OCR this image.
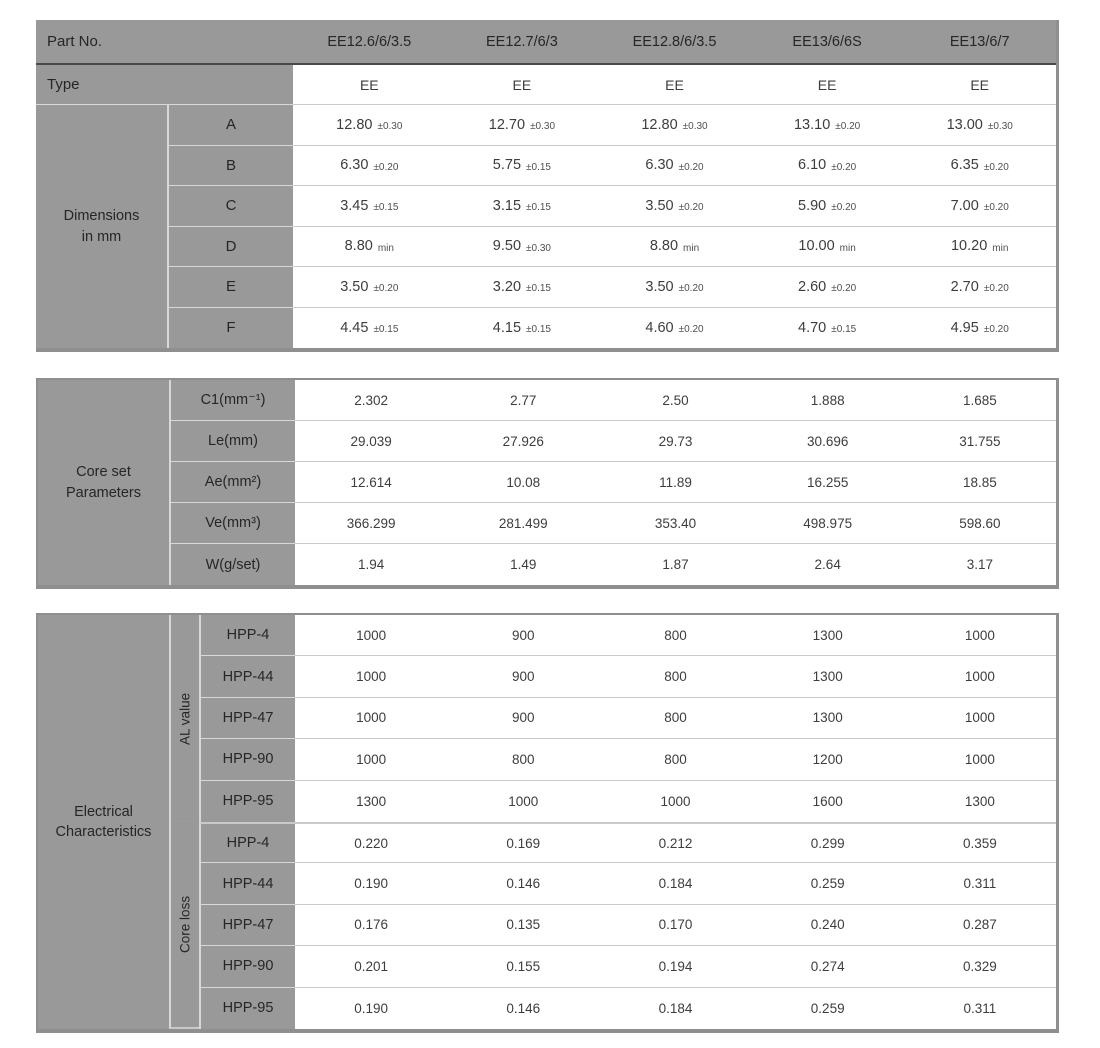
Part No.	EE12.6/6/3.5	EE12.7/6/3	EE12.8/6/3.5	EE13/6/6S	EE13/6/7
Type	EE	EE	EE	EE	EE
Dimensions
in mm
A	12.80 ±0.30	12.70 ±0.30	12.80 ±0.30	13.10 ±0.20	13.00 ±0.30
B	6.30 ±0.20	5.75 ±0.15	6.30 ±0.20	6.10 ±0.20	6.35 ±0.20
C	3.45 ±0.15	3.15 ±0.15	3.50 ±0.20	5.90 ±0.20	7.00 ±0.20
D	8.80 min	9.50 ±0.30	8.80 min	10.00 min	10.20 min
E	3.50 ±0.20	3.20 ±0.15	3.50 ±0.20	2.60 ±0.20	2.70 ±0.20
F	4.45 ±0.15	4.15 ±0.15	4.60 ±0.20	4.70 ±0.15	4.95 ±0.20
Core set
Parameters
C1(mm⁻¹)	2.302	2.77	2.50	1.888	1.685
Le(mm)	29.039	27.926	29.73	30.696	31.755
Ae(mm²)	12.614	10.08	11.89	16.255	18.85
Ve(mm³)	366.299	281.499	353.40	498.975	598.60
W(g/set)	1.94	1.49	1.87	2.64	3.17
Electrical
Characteristics
AL value
HPP-4	1000	900	800	1300	1000
HPP-44	1000	900	800	1300	1000
HPP-47	1000	900	800	1300	1000
HPP-90	1000	800	800	1200	1000
HPP-95	1300	1000	1000	1600	1300
Core loss
HPP-4	0.220	0.169	0.212	0.299	0.359
HPP-44	0.190	0.146	0.184	0.259	0.311
HPP-47	0.176	0.135	0.170	0.240	0.287
HPP-90	0.201	0.155	0.194	0.274	0.329
HPP-95	0.190	0.146	0.184	0.259	0.311
